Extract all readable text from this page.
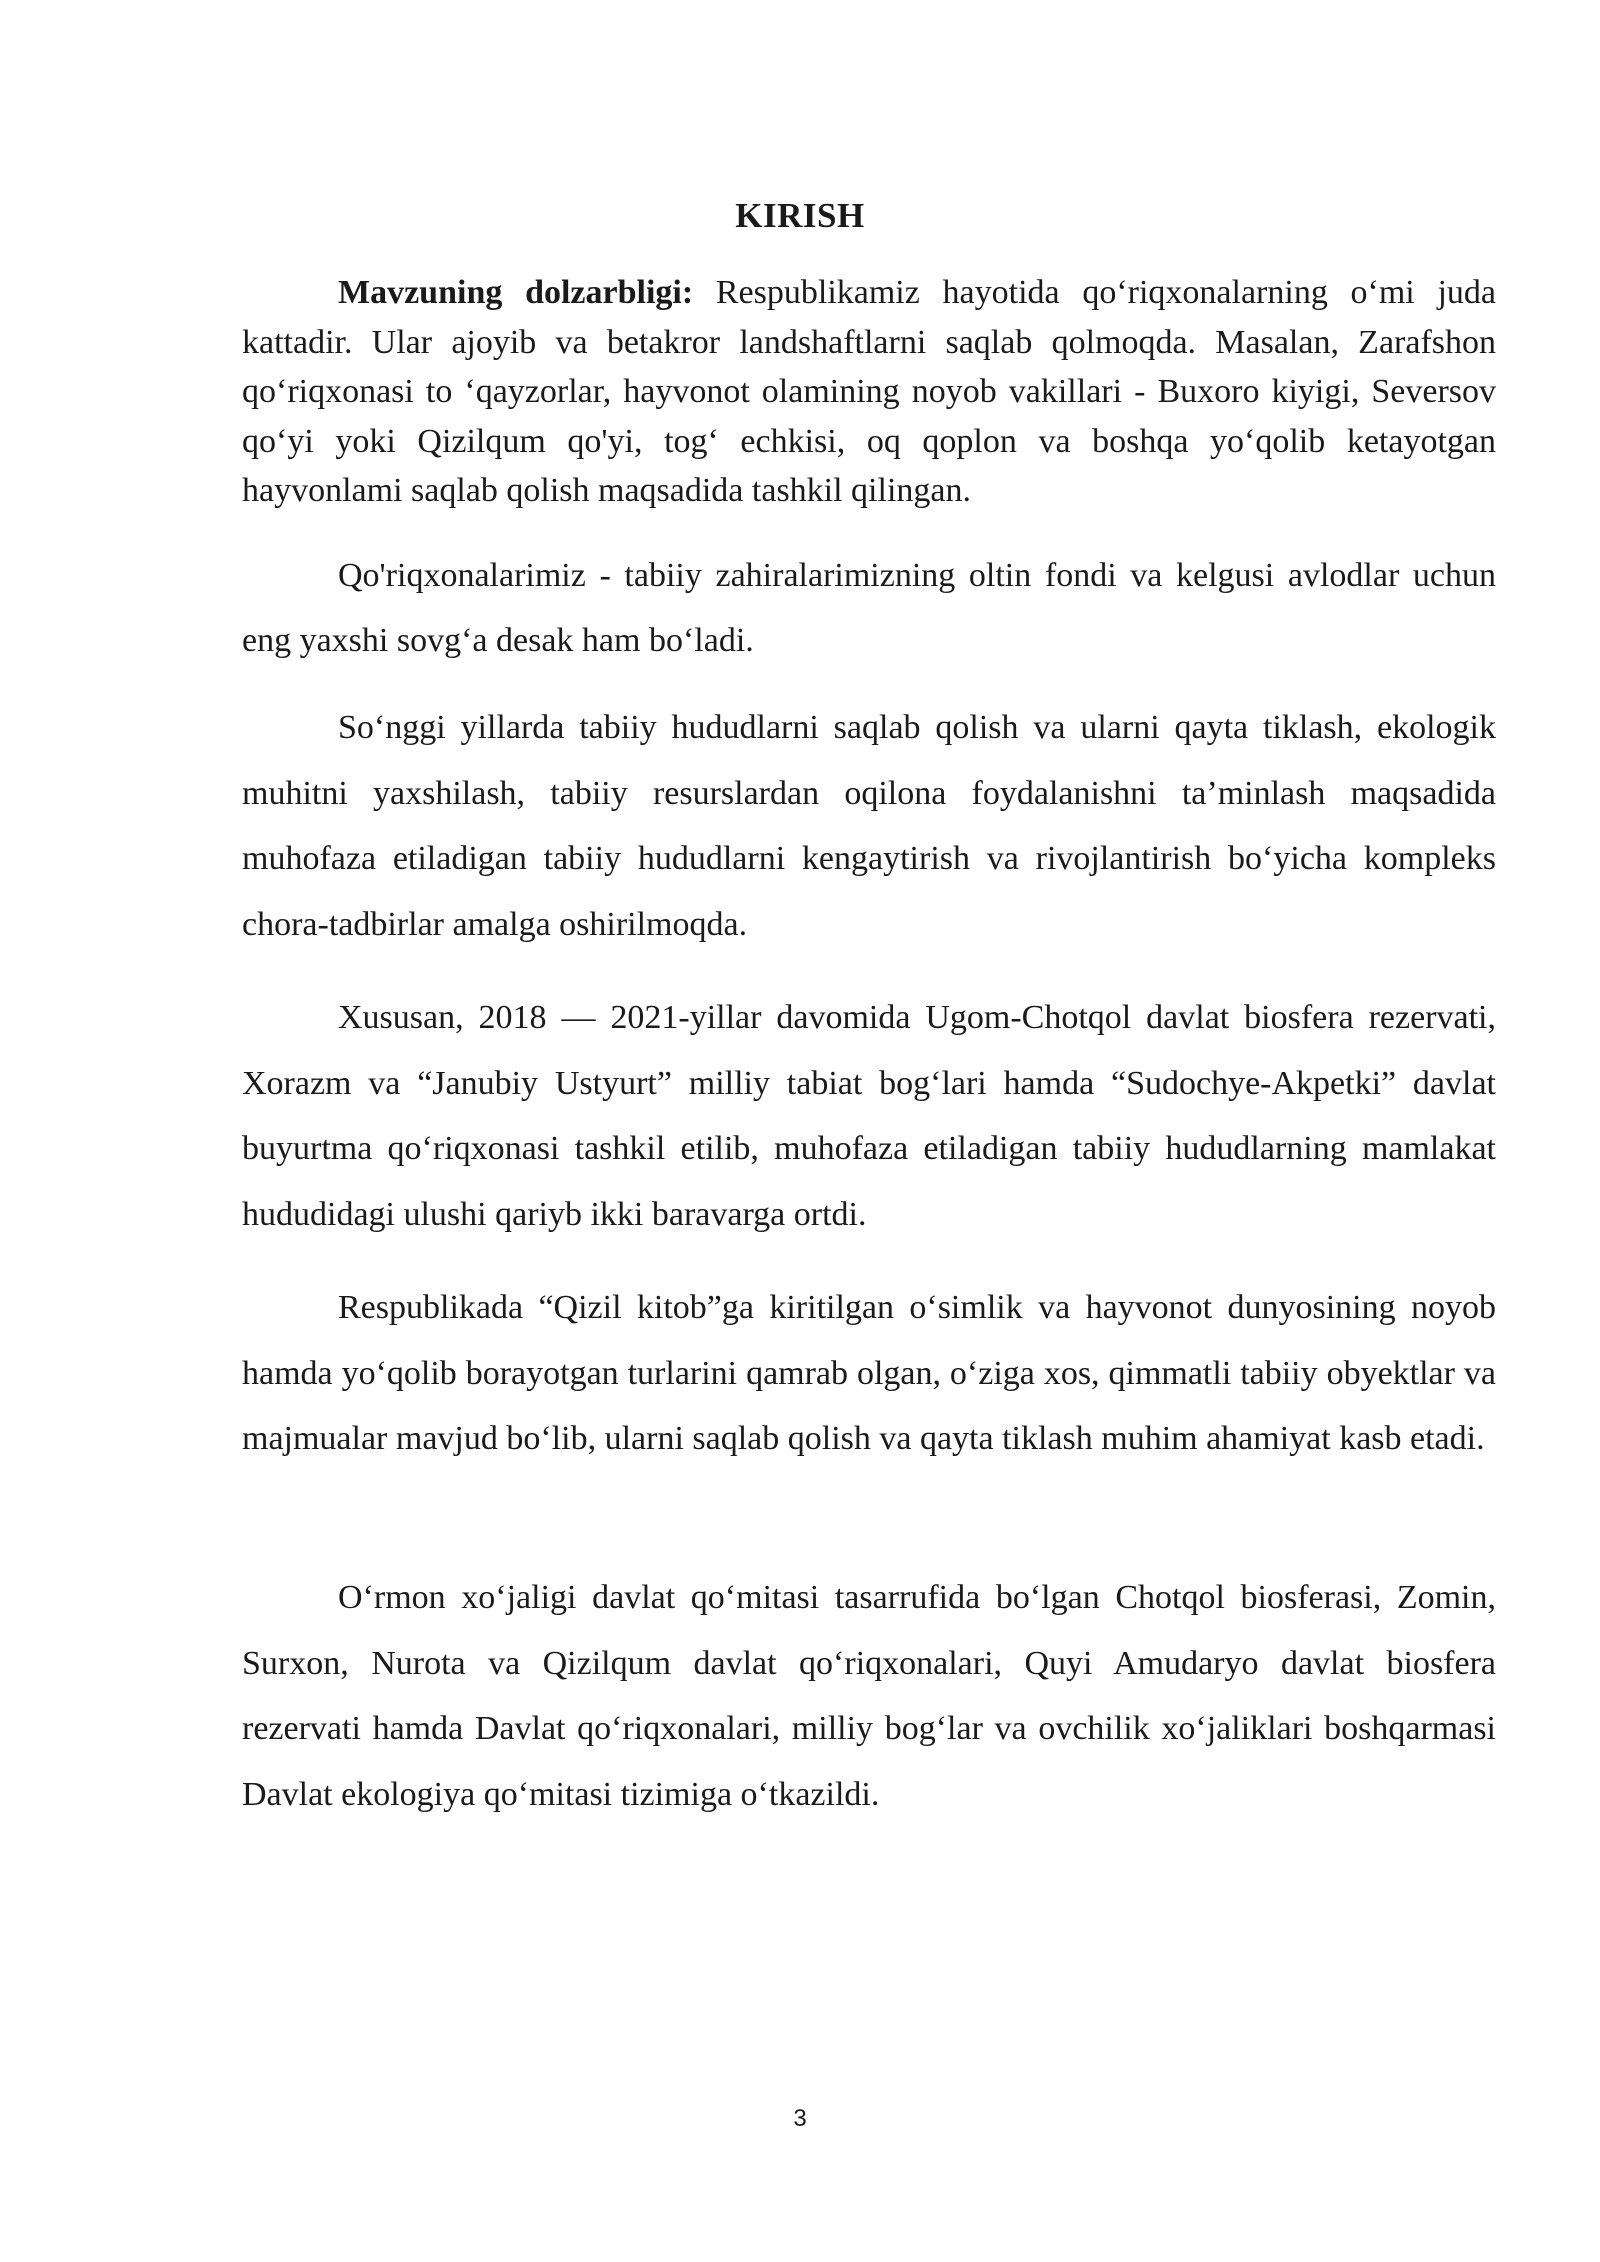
KIRISH

Mavzuning dolzarbligi: Respublikamiz hayotida qo‘riqxonalarning o‘mi juda kattadir. Ular ajoyib va betakror landshaftlarni saqlab qolmoqda. Masalan, Zarafshon qo‘riqxonasi to ‘qayzorlar, hayvonot olamining noyob vakillari - Buxoro kiyigi, Seversov qo‘yi yoki Qizilqum qo'yi, tog‘ echkisi, oq qoplon va boshqa yo‘qolib ketayotgan hayvonlami saqlab qolish maqsadida tashkil qilingan.

Qo'riqxonalarimiz - tabiiy zahiralarimizning oltin fondi va kelgusi avlodlar uchun eng yaxshi sovg‘a desak ham bo‘ladi.

So‘nggi yillarda tabiiy hududlarni saqlab qolish va ularni qayta tiklash, ekologik muhitni yaxshilash, tabiiy resurslardan oqilona foydalanishni ta’minlash maqsadida muhofaza etiladigan tabiiy hududlarni kengaytirish va rivojlantirish bo‘yicha kompleks chora-tadbirlar amalga oshirilmoqda.

Xususan, 2018 — 2021-yillar davomida Ugom-Chotqol davlat biosfera rezervati, Xorazm va “Janubiy Ustyurt” milliy tabiat bog‘lari hamda “Sudochye-Akpetki” davlat buyurtma qo‘riqxonasi tashkil etilib, muhofaza etiladigan tabiiy hududlarning mamlakat hududidagi ulushi qariyb ikki baravarga ortdi.

Respublikada “Qizil kitob”ga kiritilgan o‘simlik va hayvonot dunyosining noyob hamda yo‘qolib borayotgan turlarini qamrab olgan, o‘ziga xos, qimmatli tabiiy obyektlar va majmualar mavjud bo‘lib, ularni saqlab qolish va qayta tiklash muhim ahamiyat kasb etadi.

O‘rmon xo‘jaligi davlat qo‘mitasi tasarrufida bo‘lgan Chotqol biosferasi, Zomin, Surxon, Nurota va Qizilqum davlat qo‘riqxonalari, Quyi Amudaryo davlat biosfera rezervati hamda Davlat qo‘riqxonalari, milliy bog‘lar va ovchilik xo‘jaliklari boshqarmasi Davlat ekologiya qo‘mitasi tizimiga o‘tkazildi.

3
